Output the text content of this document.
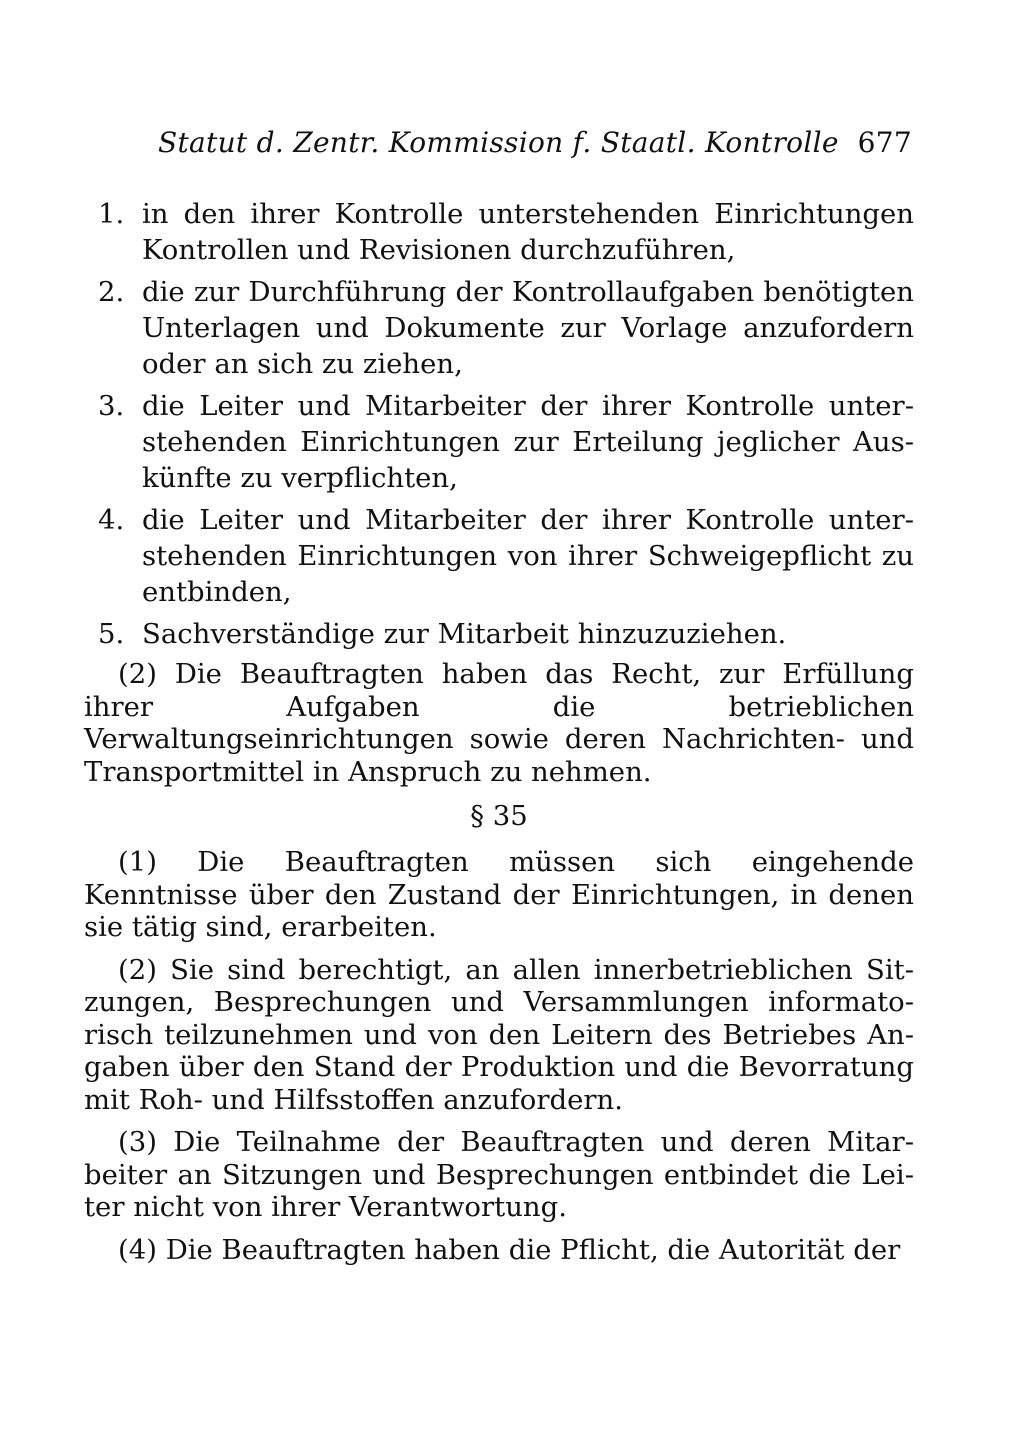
Statut d. Zentr. Kommission f. Staatl. Kontrolle 677
1. in den ihrer Kontrolle unterstehenden Einrichtungen Kontrollen und Revisionen durchzuführen,
2. die zur Durchführung der Kontrollaufgaben benötigten Unterlagen und Dokumente zur Vorlage anzufordern oder an sich zu ziehen,
3. die Leiter und Mitarbeiter der ihrer Kontrolle unterstehenden Einrichtungen zur Erteilung jeglicher Auskünfte zu verpflichten,
4. die Leiter und Mitarbeiter der ihrer Kontrolle unterstehenden Einrichtungen von ihrer Schweigepflicht zu entbinden,
5. Sachverständige zur Mitarbeit hinzuzuziehen.

(2) Die Beauftragten haben das Recht, zur Erfüllung ihrer Aufgaben die betrieblichen Verwaltungseinrichtungen sowie deren Nachrichten- und Transportmittel in Anspruch zu nehmen.

§ 35

(1) Die Beauftragten müssen sich eingehende Kenntnisse über den Zustand der Einrichtungen, in denen sie tätig sind, erarbeiten.

(2) Sie sind berechtigt, an allen innerbetrieblichen Sitzungen, Besprechungen und Versammlungen informatorisch teilzunehmen und von den Leitern des Betriebes Angaben über den Stand der Produktion und die Bevorratung mit Roh- und Hilfsstoffen anzufordern.

(3) Die Teilnahme der Beauftragten und deren Mitarbeiter an Sitzungen und Besprechungen entbindet die Leiter nicht von ihrer Verantwortung.

(4) Die Beauftragten haben die Pflicht, die Autorität der
